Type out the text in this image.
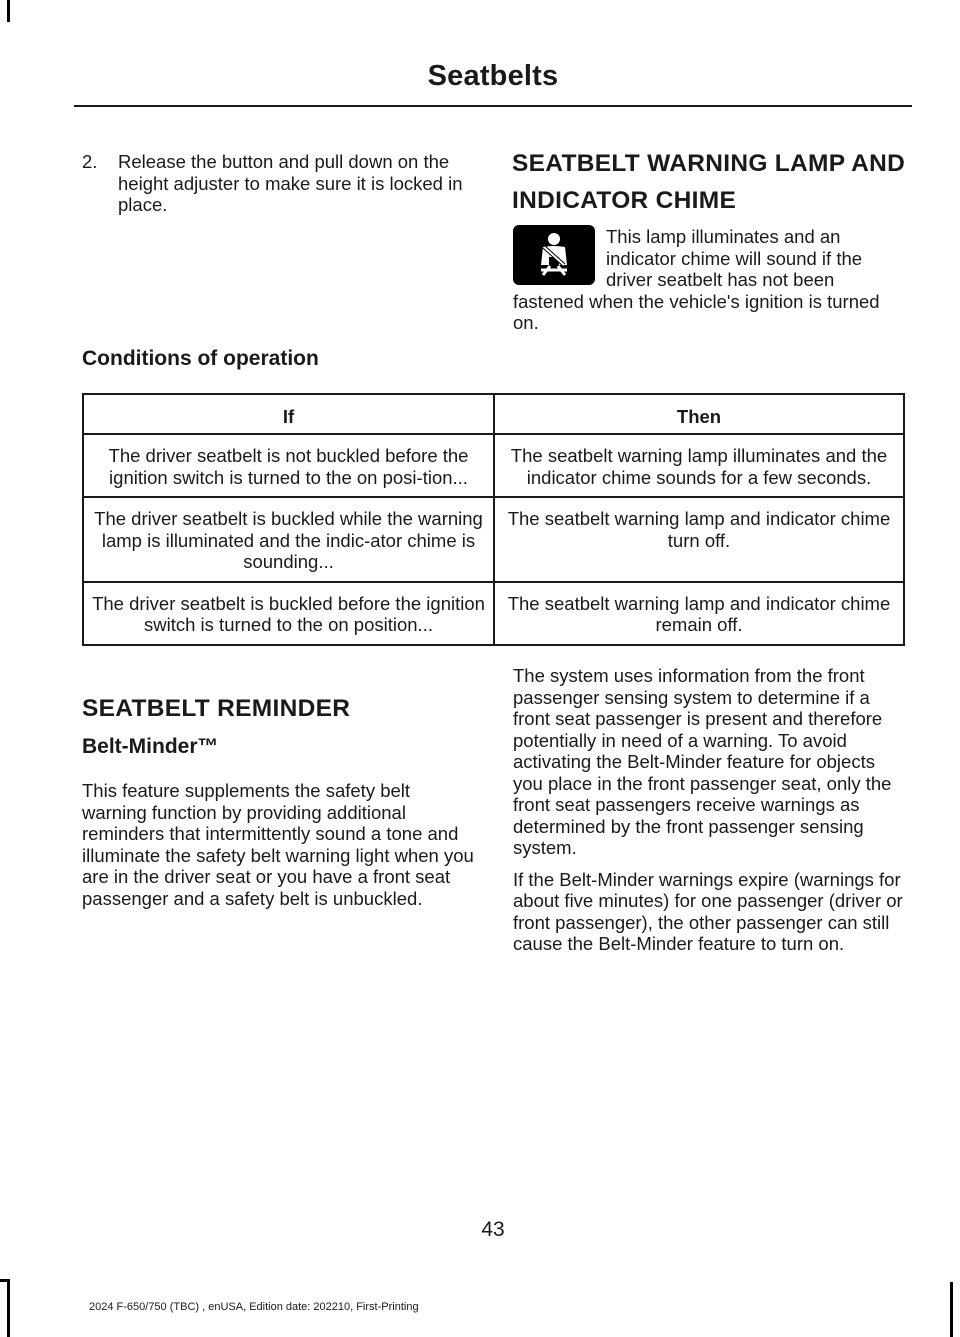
Seatbelts
2. Release the button and pull down on the height adjuster to make sure it is locked in place.
SEATBELT WARNING LAMP AND INDICATOR CHIME
This lamp illuminates and an indicator chime will sound if the driver seatbelt has not been fastened when the vehicle's ignition is turned on.
Conditions of operation
If	Then
The driver seatbelt is not buckled before the ignition switch is turned to the on posi-tion...	The seatbelt warning lamp illuminates and the indicator chime sounds for a few seconds.
The driver seatbelt is buckled while the warning lamp is illuminated and the indic-ator chime is sounding...	The seatbelt warning lamp and indicator chime turn off.
The driver seatbelt is buckled before the ignition switch is turned to the on position...	The seatbelt warning lamp and indicator chime remain off.
SEATBELT REMINDER
Belt-Minder™
This feature supplements the safety belt warning function by providing additional reminders that intermittently sound a tone and illuminate the safety belt warning light when you are in the driver seat or you have a front seat passenger and a safety belt is unbuckled.

The system uses information from the front passenger sensing system to determine if a front seat passenger is present and therefore potentially in need of a warning. To avoid activating the Belt-Minder feature for objects you place in the front passenger seat, only the front seat passengers receive warnings as determined by the front passenger sensing system.

If the Belt-Minder warnings expire (warnings for about five minutes) for one passenger (driver or front passenger), the other passenger can still cause the Belt-Minder feature to turn on.

43
2024 F-650/750 (TBC) , enUSA, Edition date: 202210, First-Printing
